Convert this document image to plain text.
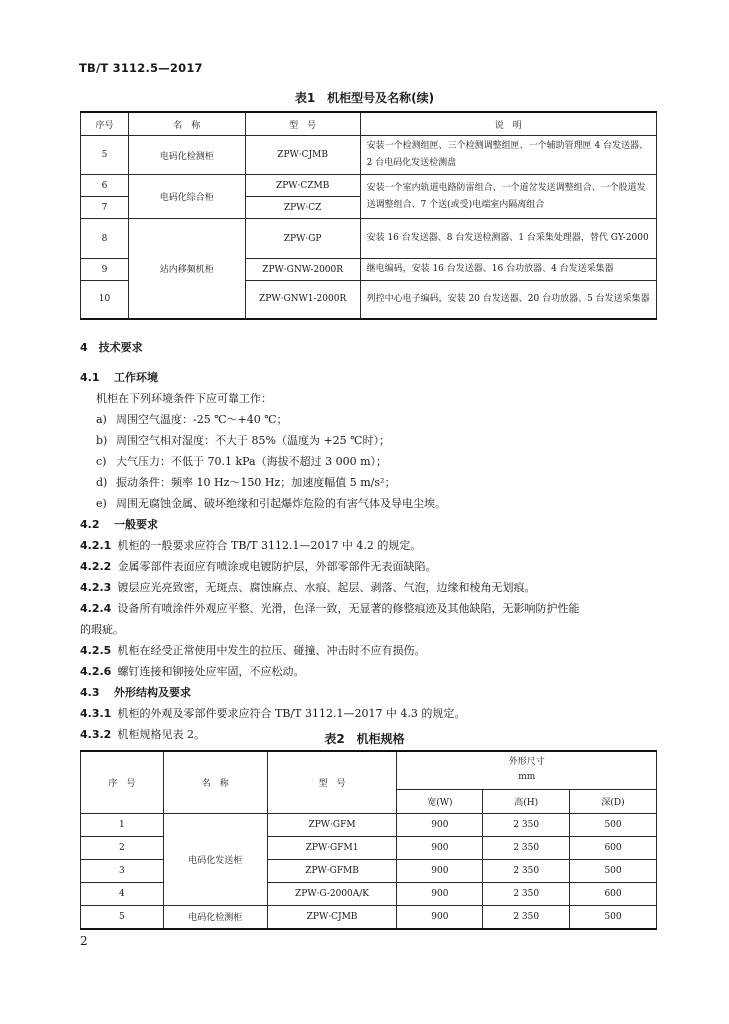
TB/T 3112.5—2017
表1　机柜型号及名称(续)
序号	名　称	型　号	说　明
5	电码化检测柜	ZPW·CJMB	安装一个检测组匣、三个检测调整组匣、一个辅助管理匣 4 台发送器、2 台电码化发送检测盘
6	电码化综合柜	ZPW·CZMB	安装一个室内轨道电路防雷组合、一个道岔发送调整组合、一个股道发送调整组合、7 个送(或受)电端室内隔离组合
7		ZPW·CZ	
8	站内移频机柜	ZPW·GP	安装 16 台发送器、8 台发送检测器、1 台采集处理器，替代 GY-2000
9		ZPW·GNW-2000R	继电编码，安装 16 台发送器、16 台功放器、4 台发送采集器
10		ZPW·GNW1-2000R	列控中心电子编码，安装 20 台发送器、20 台功放器、5 台发送采集器
4　技术要求
4.1 工作环境
机柜在下列环境条件下应可靠工作：
a) 周围空气温度：-25 ℃～+40 ℃；
b) 周围空气相对湿度：不大于 85%（温度为 +25 ℃时）；
c) 大气压力：不低于 70.1 kPa（海拔不超过 3 000 m）；
d) 振动条件：频率 10 Hz～150 Hz；加速度幅值 5 m/s²；
e) 周围无腐蚀金属、破坏绝缘和引起爆炸危险的有害气体及导电尘埃。
4.2 一般要求
4.2.1 机柜的一般要求应符合 TB/T 3112.1—2017 中 4.2 的规定。
4.2.2 金属零部件表面应有喷涂或电镀防护层，外部零部件无表面缺陷。
4.2.3 镀层应光亮致密，无斑点、腐蚀麻点、水痕、起层、剥落、气泡，边缘和棱角无划痕。
4.2.4 设备所有喷涂件外观应平整、光滑，色泽一致，无显著的修整痕迹及其他缺陷，无影响防护性能
的瑕疵。
4.2.5 机柜在经受正常使用中发生的拉压、碰撞、冲击时不应有损伤。
4.2.6 螺钉连接和铆接处应牢固，不应松动。
4.3 外形结构及要求
4.3.1 机柜的外观及零部件要求应符合 TB/T 3112.1—2017 中 4.3 的规定。
4.3.2 机柜规格见表 2。	表2　机柜规格
序　号	名　称	型　号	外形尺寸
mm		

			宽(W)	高(H)	深(D)
1	电码化发送柜	ZPW·GFM	900	2 350	500
2		ZPW·GFM1	900	2 350	600
3		ZPW·GFMB	900	2 350	500
4		ZPW·G-2000A/K	900	2 350	600
5	电码化检测柜	ZPW·CJMB	900	2 350	500
2
